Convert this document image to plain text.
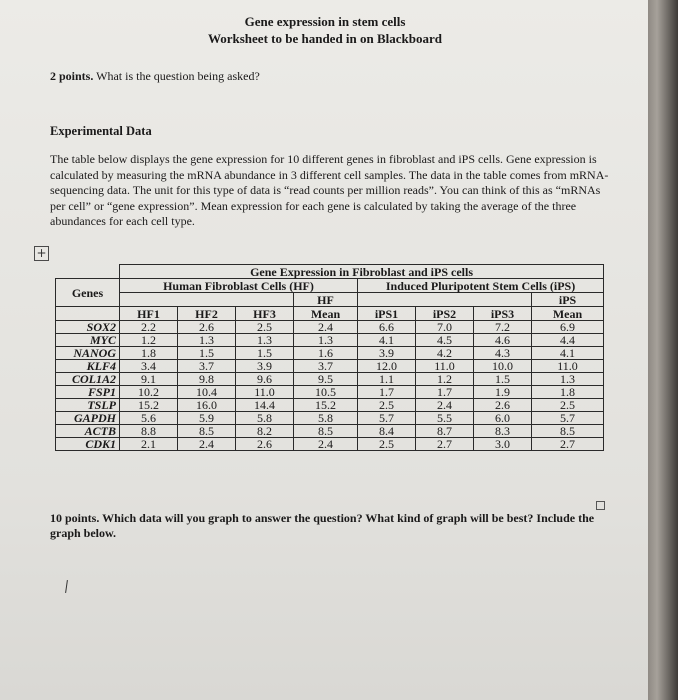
Gene expression in stem cells
Worksheet to be handed in on Blackboard
2 points. What is the question being asked?
Experimental Data
The table below displays the gene expression for 10 different genes in fibroblast and iPS cells. Gene expression is calculated by measuring the mRNA abundance in 3 different cell samples. The data in the table comes from mRNA-sequencing data. The unit for this type of data is “read counts per million reads”. You can think of this as “mRNAs per cell” or “gene expression”. Mean expression for each gene is calculated by taking the average of the three abundances for each cell type.
+
	Gene Expression in Fibroblast and iPS cells							
Genes	Human Fibroblast Cells (HF)				Induced Pluripotent Stem Cells (iPS)			
				HF				iPS
	HF1	HF2	HF3	Mean	iPS1	iPS2	iPS3	Mean
SOX2	2.2	2.6	2.5	2.4	6.6	7.0	7.2	6.9
MYC	1.2	1.3	1.3	1.3	4.1	4.5	4.6	4.4
NANOG	1.8	1.5	1.5	1.6	3.9	4.2	4.3	4.1
KLF4	3.4	3.7	3.9	3.7	12.0	11.0	10.0	11.0
COL1A2	9.1	9.8	9.6	9.5	1.1	1.2	1.5	1.3
FSP1	10.2	10.4	11.0	10.5	1.7	1.7	1.9	1.8
TSLP	15.2	16.0	14.4	15.2	2.5	2.4	2.6	2.5
GAPDH	5.6	5.9	5.8	5.8	5.7	5.5	6.0	5.7
ACTB	8.8	8.5	8.2	8.5	8.4	8.7	8.3	8.5
CDK1	2.1	2.4	2.6	2.4	2.5	2.7	3.0	2.7
10 points. Which data will you graph to answer the question? What kind of graph will be best? Include the graph below.
